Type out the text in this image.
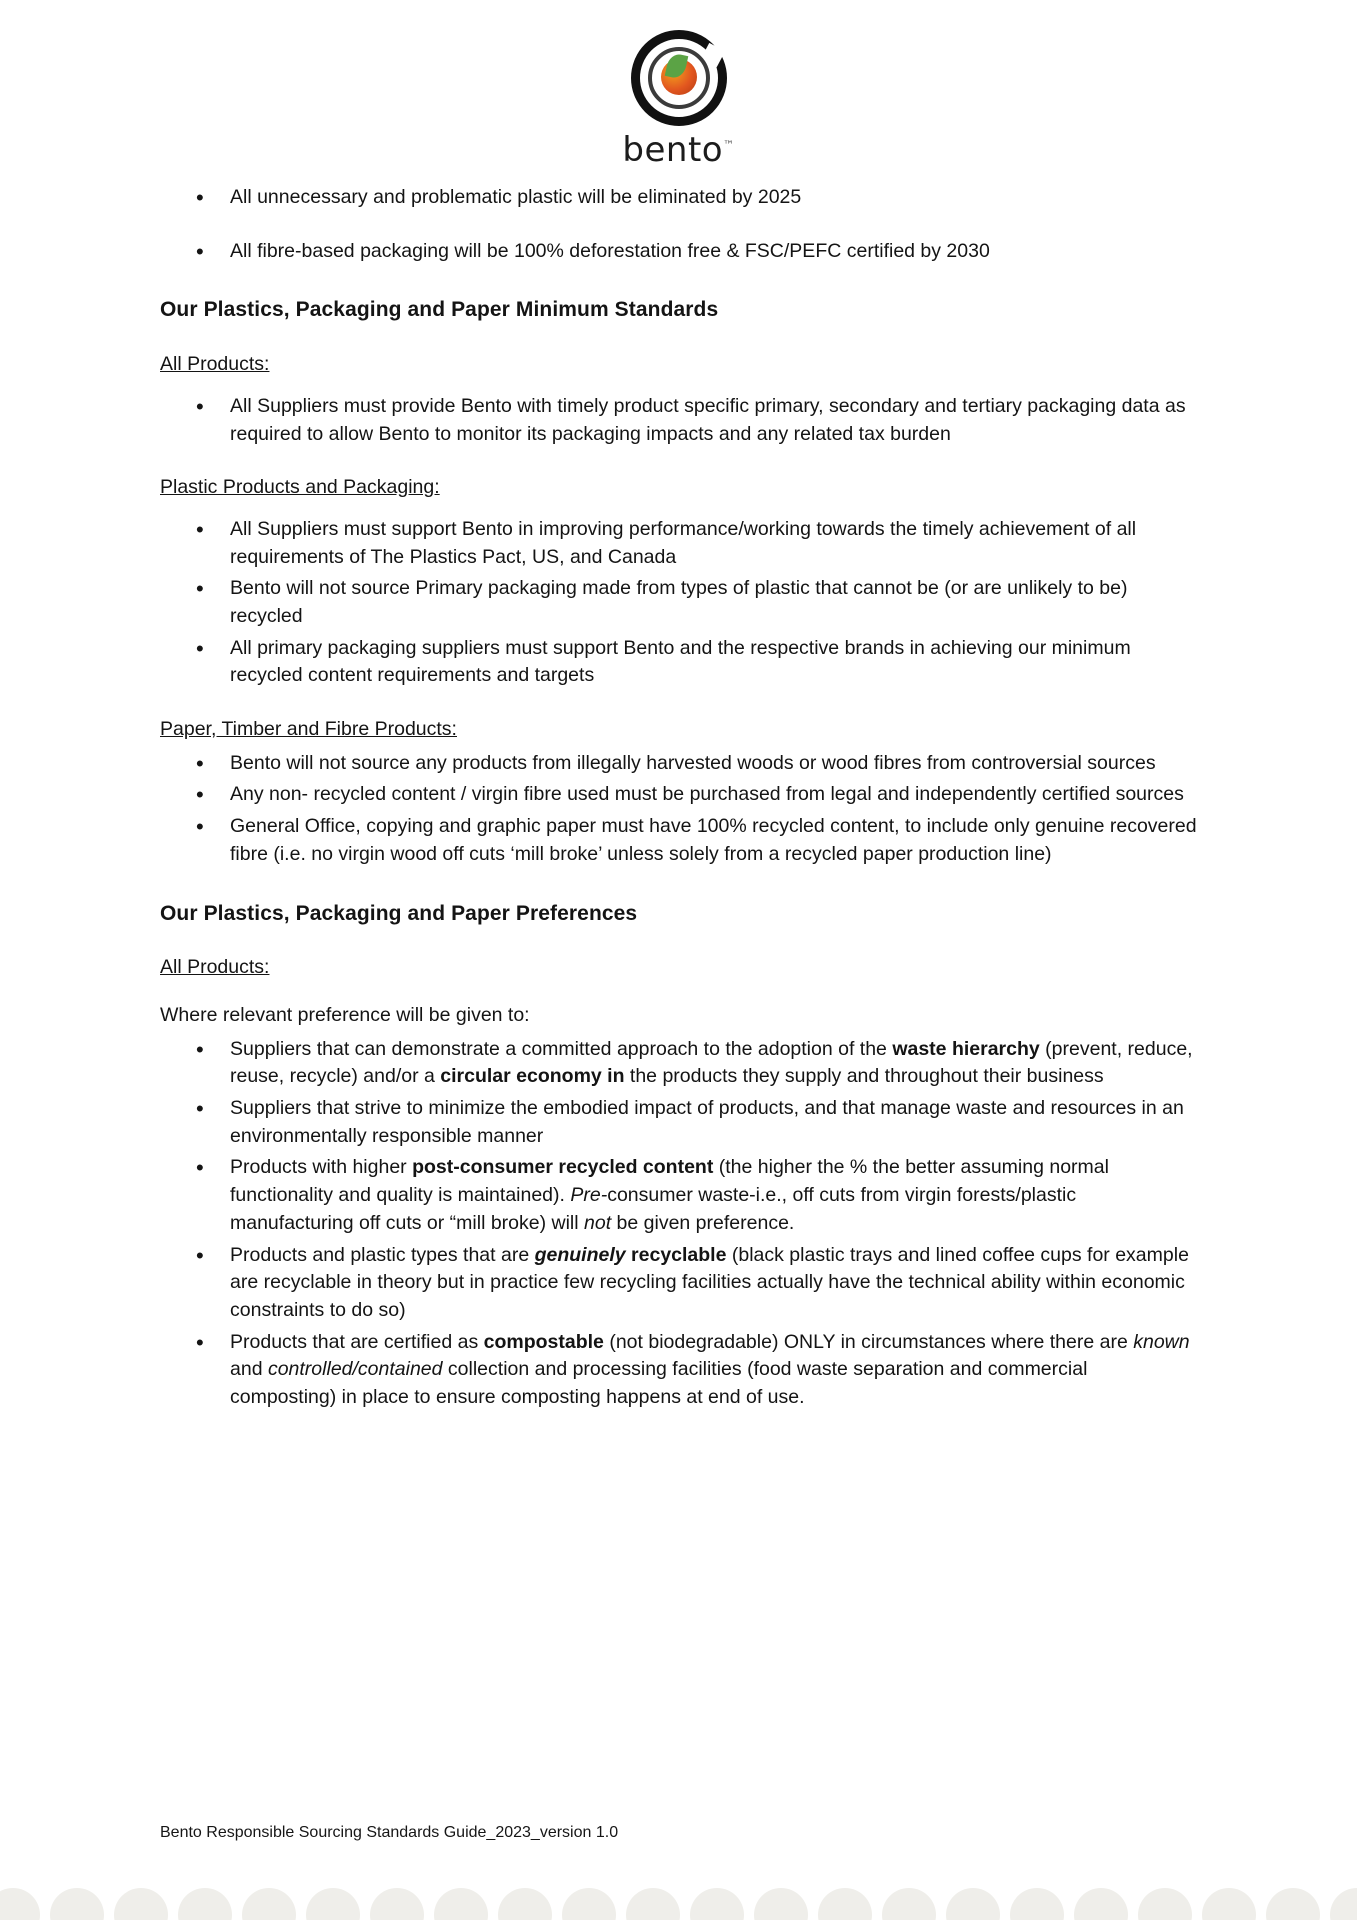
bento™
• All unnecessary and problematic plastic will be eliminated by 2025
• All fibre-based packaging will be 100% deforestation free & FSC/PEFC certified by 2030
Our Plastics, Packaging and Paper Minimum Standards
All Products:
• All Suppliers must provide Bento with timely product specific primary, secondary and tertiary packaging data as required to allow Bento to monitor its packaging impacts and any related tax burden
Plastic Products and Packaging:
• All Suppliers must support Bento in improving performance/working towards the timely achievement of all requirements of The Plastics Pact, US, and Canada
• Bento will not source Primary packaging made from types of plastic that cannot be (or are unlikely to be) recycled
• All primary packaging suppliers must support Bento and the respective brands in achieving our minimum recycled content requirements and targets
Paper, Timber and Fibre Products:
• Bento will not source any products from illegally harvested woods or wood fibres from controversial sources
• Any non- recycled content / virgin fibre used must be purchased from legal and independently certified sources
• General Office, copying and graphic paper must have 100% recycled content, to include only genuine recovered fibre (i.e. no virgin wood off cuts ‘mill broke’ unless solely from a recycled paper production line)
Our Plastics, Packaging and Paper Preferences
All Products:
Where relevant preference will be given to:
• Suppliers that can demonstrate a committed approach to the adoption of the waste hierarchy (prevent, reduce, reuse, recycle) and/or a circular economy in the products they supply and throughout their business
• Suppliers that strive to minimize the embodied impact of products, and that manage waste and resources in an environmentally responsible manner
• Products with higher post-consumer recycled content (the higher the % the better assuming normal functionality and quality is maintained). Pre-consumer waste-i.e., off cuts from virgin forests/plastic manufacturing off cuts or “mill broke) will not be given preference.
• Products and plastic types that are genuinely recyclable (black plastic trays and lined coffee cups for example are recyclable in theory but in practice few recycling facilities actually have the technical ability within economic constraints to do so)
• Products that are certified as compostable (not biodegradable) ONLY in circumstances where there are known and controlled/contained collection and processing facilities (food waste separation and commercial composting) in place to ensure composting happens at end of use.
Bento Responsible Sourcing Standards Guide_2023_version 1.0
